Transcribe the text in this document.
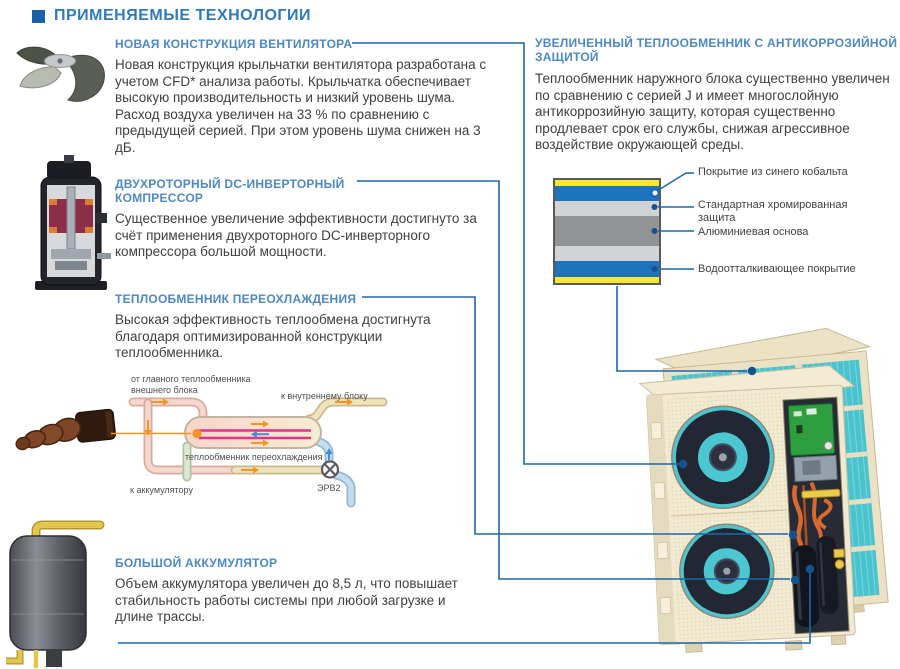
ПРИМЕНЯЕМЫЕ ТЕХНОЛОГИИ
НОВАЯ КОНСТРУКЦИЯ ВЕНТИЛЯТОРА
Новая конструкция крыльчатки вентилятора разработана с учетом CFD* анализа работы. Крыльчатка обеспечивает высокую производительность и низкий уровень шума. Расход воздуха увеличен на 33 % по сравнению с предыдущей серией. При этом уровень шума снижен на 3 дБ.
ДВУХРОТОРНЫЙ DC-ИНВЕРТОРНЫЙ КОМПРЕССОР
Существенное увеличение эффективности достигнуто за счёт применения двухроторного DC-инверторного компрессора большой мощности.
ТЕПЛООБМЕННИК ПЕРЕОХЛАЖДЕНИЯ
Высокая эффективность теплообмена достигнута благодаря оптимизированной конструкции теплообменника.
БОЛЬШОЙ АККУМУЛЯТОР
Объем аккумулятора увеличен до 8,5 л, что повышает стабильность работы системы при любой загрузке и длине трассы.
УВЕЛИЧЕННЫЙ ТЕПЛООБМЕННИК С АНТИКОРРОЗИЙНОЙ ЗАЩИТОЙ
Теплообменник наружного блока существенно увеличен по сравнению с серией J и имеет многослойную антикоррозийную защиту, которая существенно продлевает срок его службы, снижая агрессивное воздействие окружающей среды.
Покрытие из синего кобальта
Стандартная хромированная защита
Алюминиевая основа
Водоотталкивающее покрытие
от главного теплообменника внешнего блока
к внутреннему блоку
теплообменник переохлаждения
к аккумулятору	ЭРВ2
